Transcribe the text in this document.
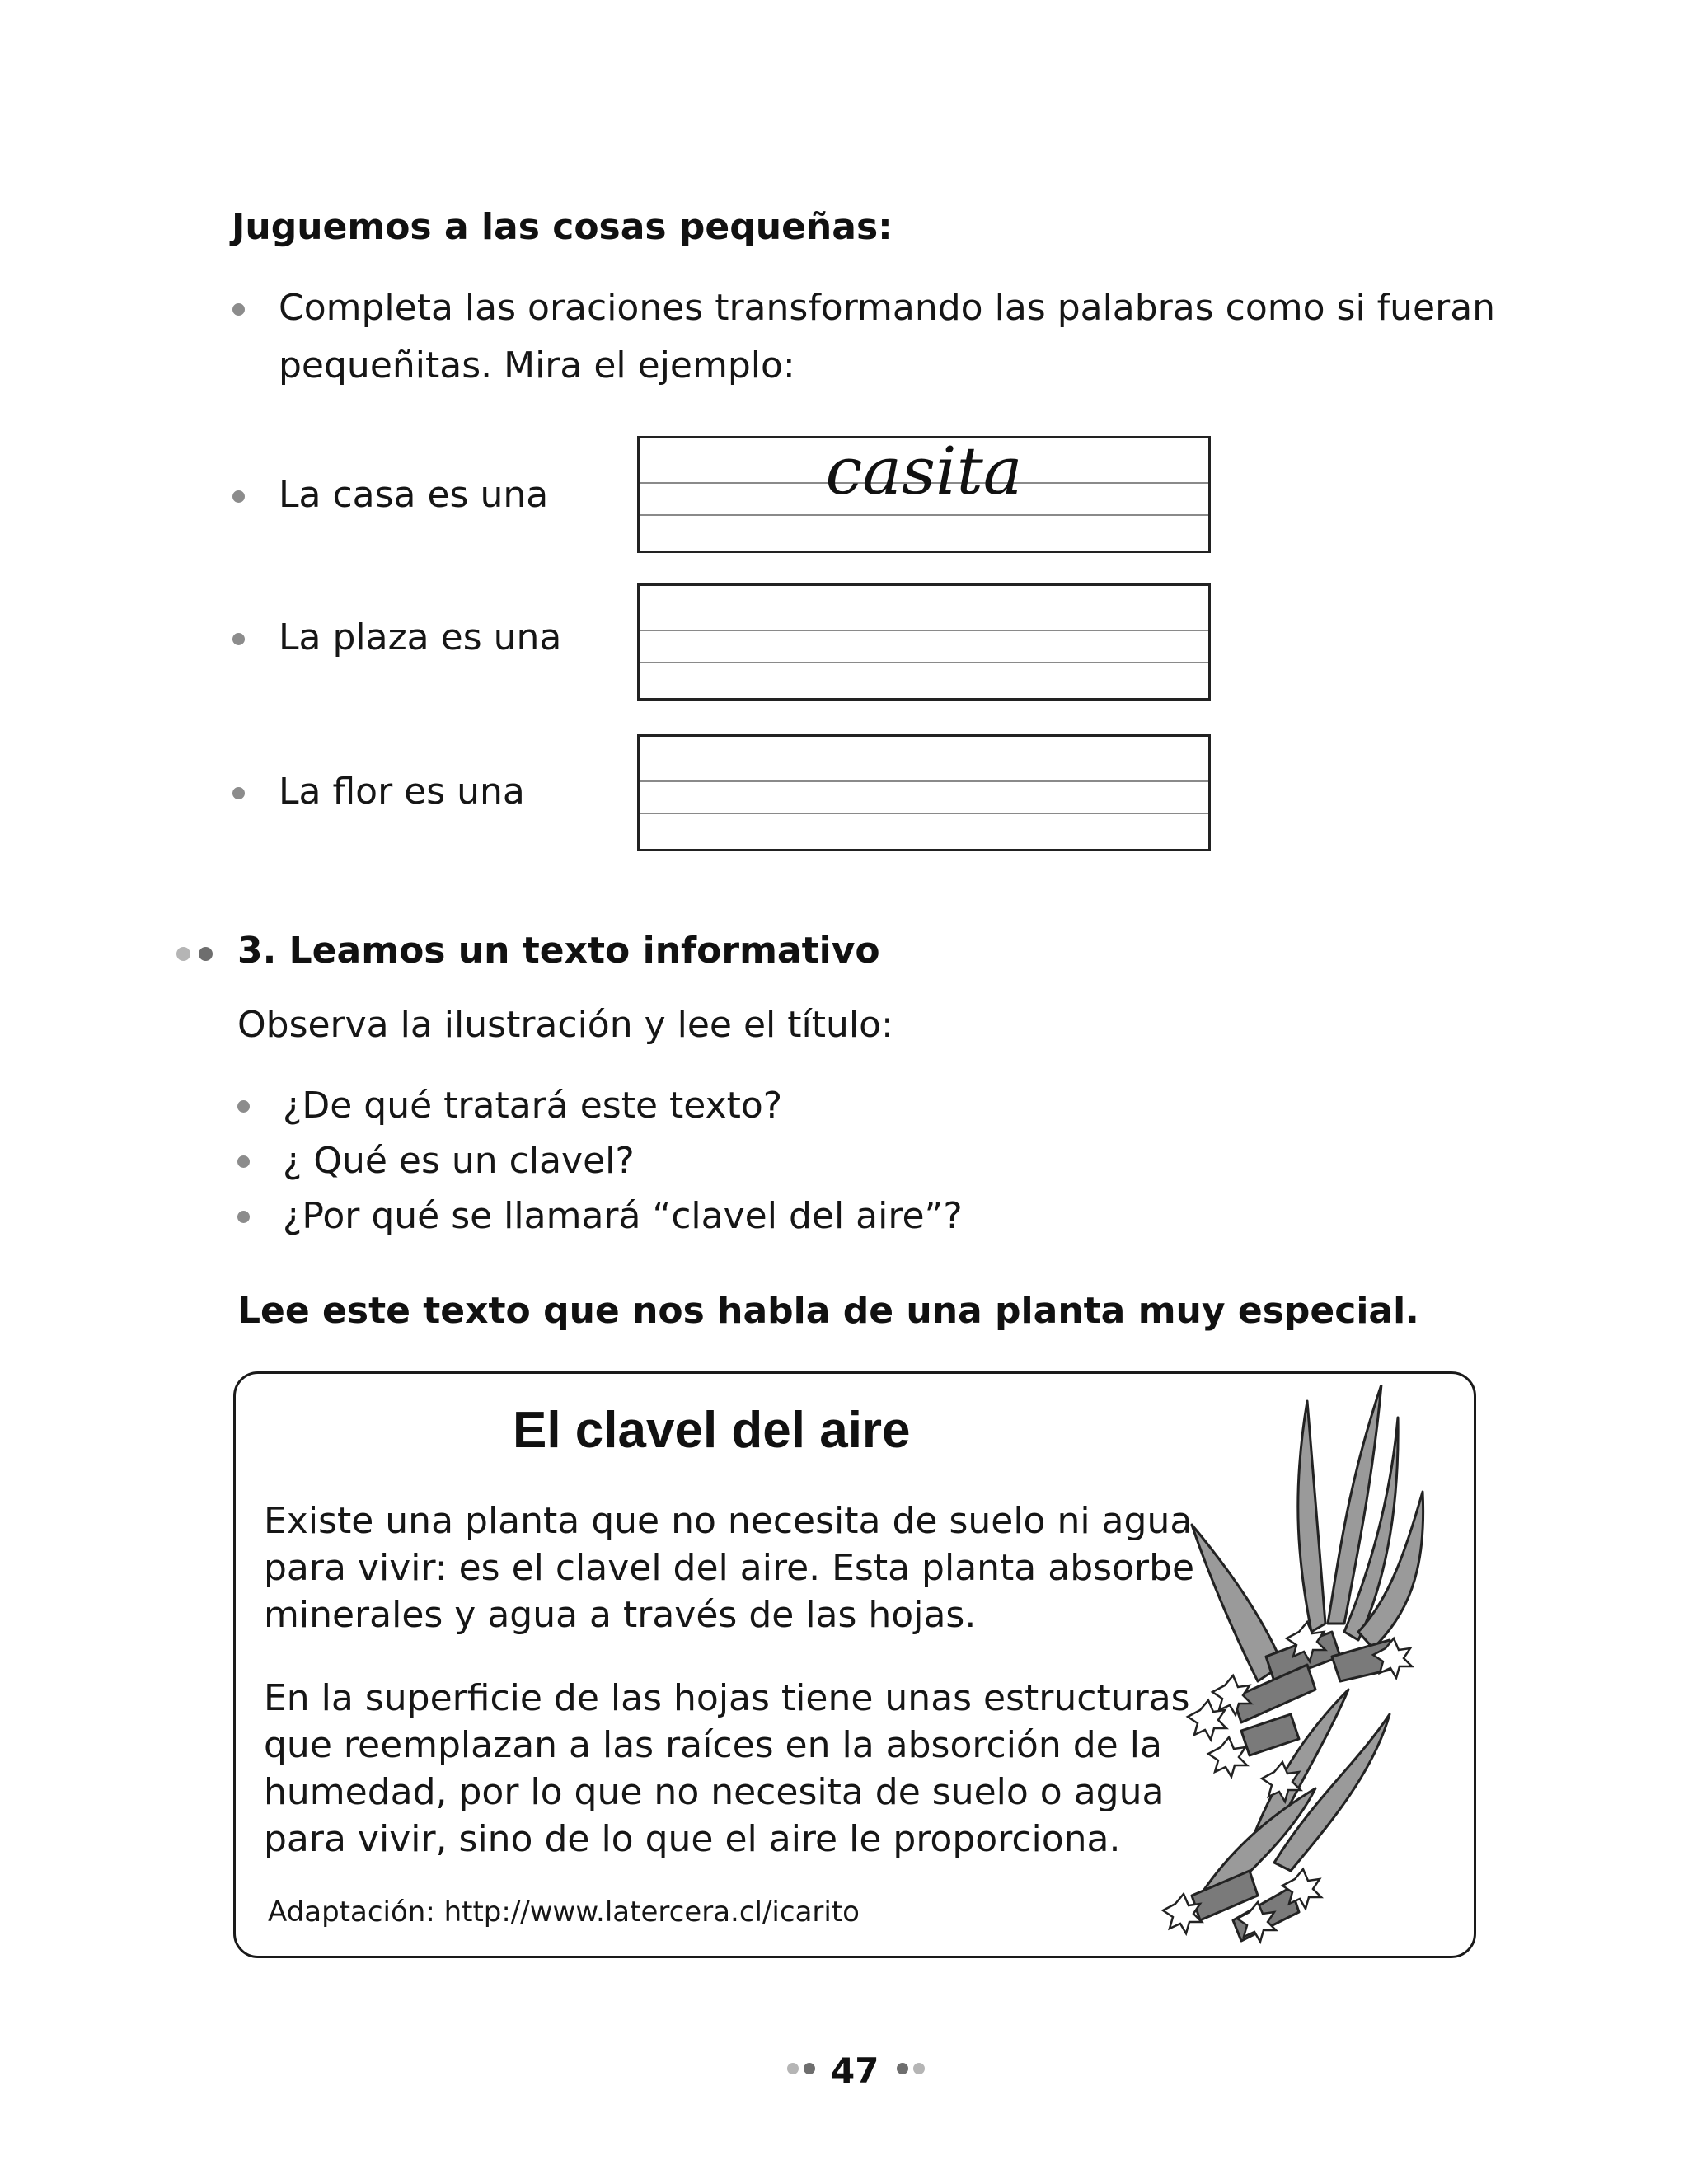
Juguemos a las cosas pequeñas:
Completa las oraciones transformando las palabras como si fueran
pequeñitas. Mira el ejemplo:
La casa es una	casita
La plaza es una
La flor es una
3. Leamos un texto informativo
Observa la ilustración y lee el título:
¿De qué tratará este texto?
¿ Qué es un clavel?
¿Por qué se llamará “clavel del aire”?
Lee este texto que nos habla de una planta muy especial.
El clavel del aire
Existe una planta que no necesita de suelo ni agua
para vivir: es el clavel del aire. Esta planta absorbe
minerales y agua a través de las hojas.
En la superficie de las hojas tiene unas estructuras
que reemplazan a las raíces en la absorción de la
humedad, por lo que no necesita de suelo o agua
para vivir, sino de lo que el aire le proporciona.
Adaptación: http://www.latercera.cl/icarito
47
